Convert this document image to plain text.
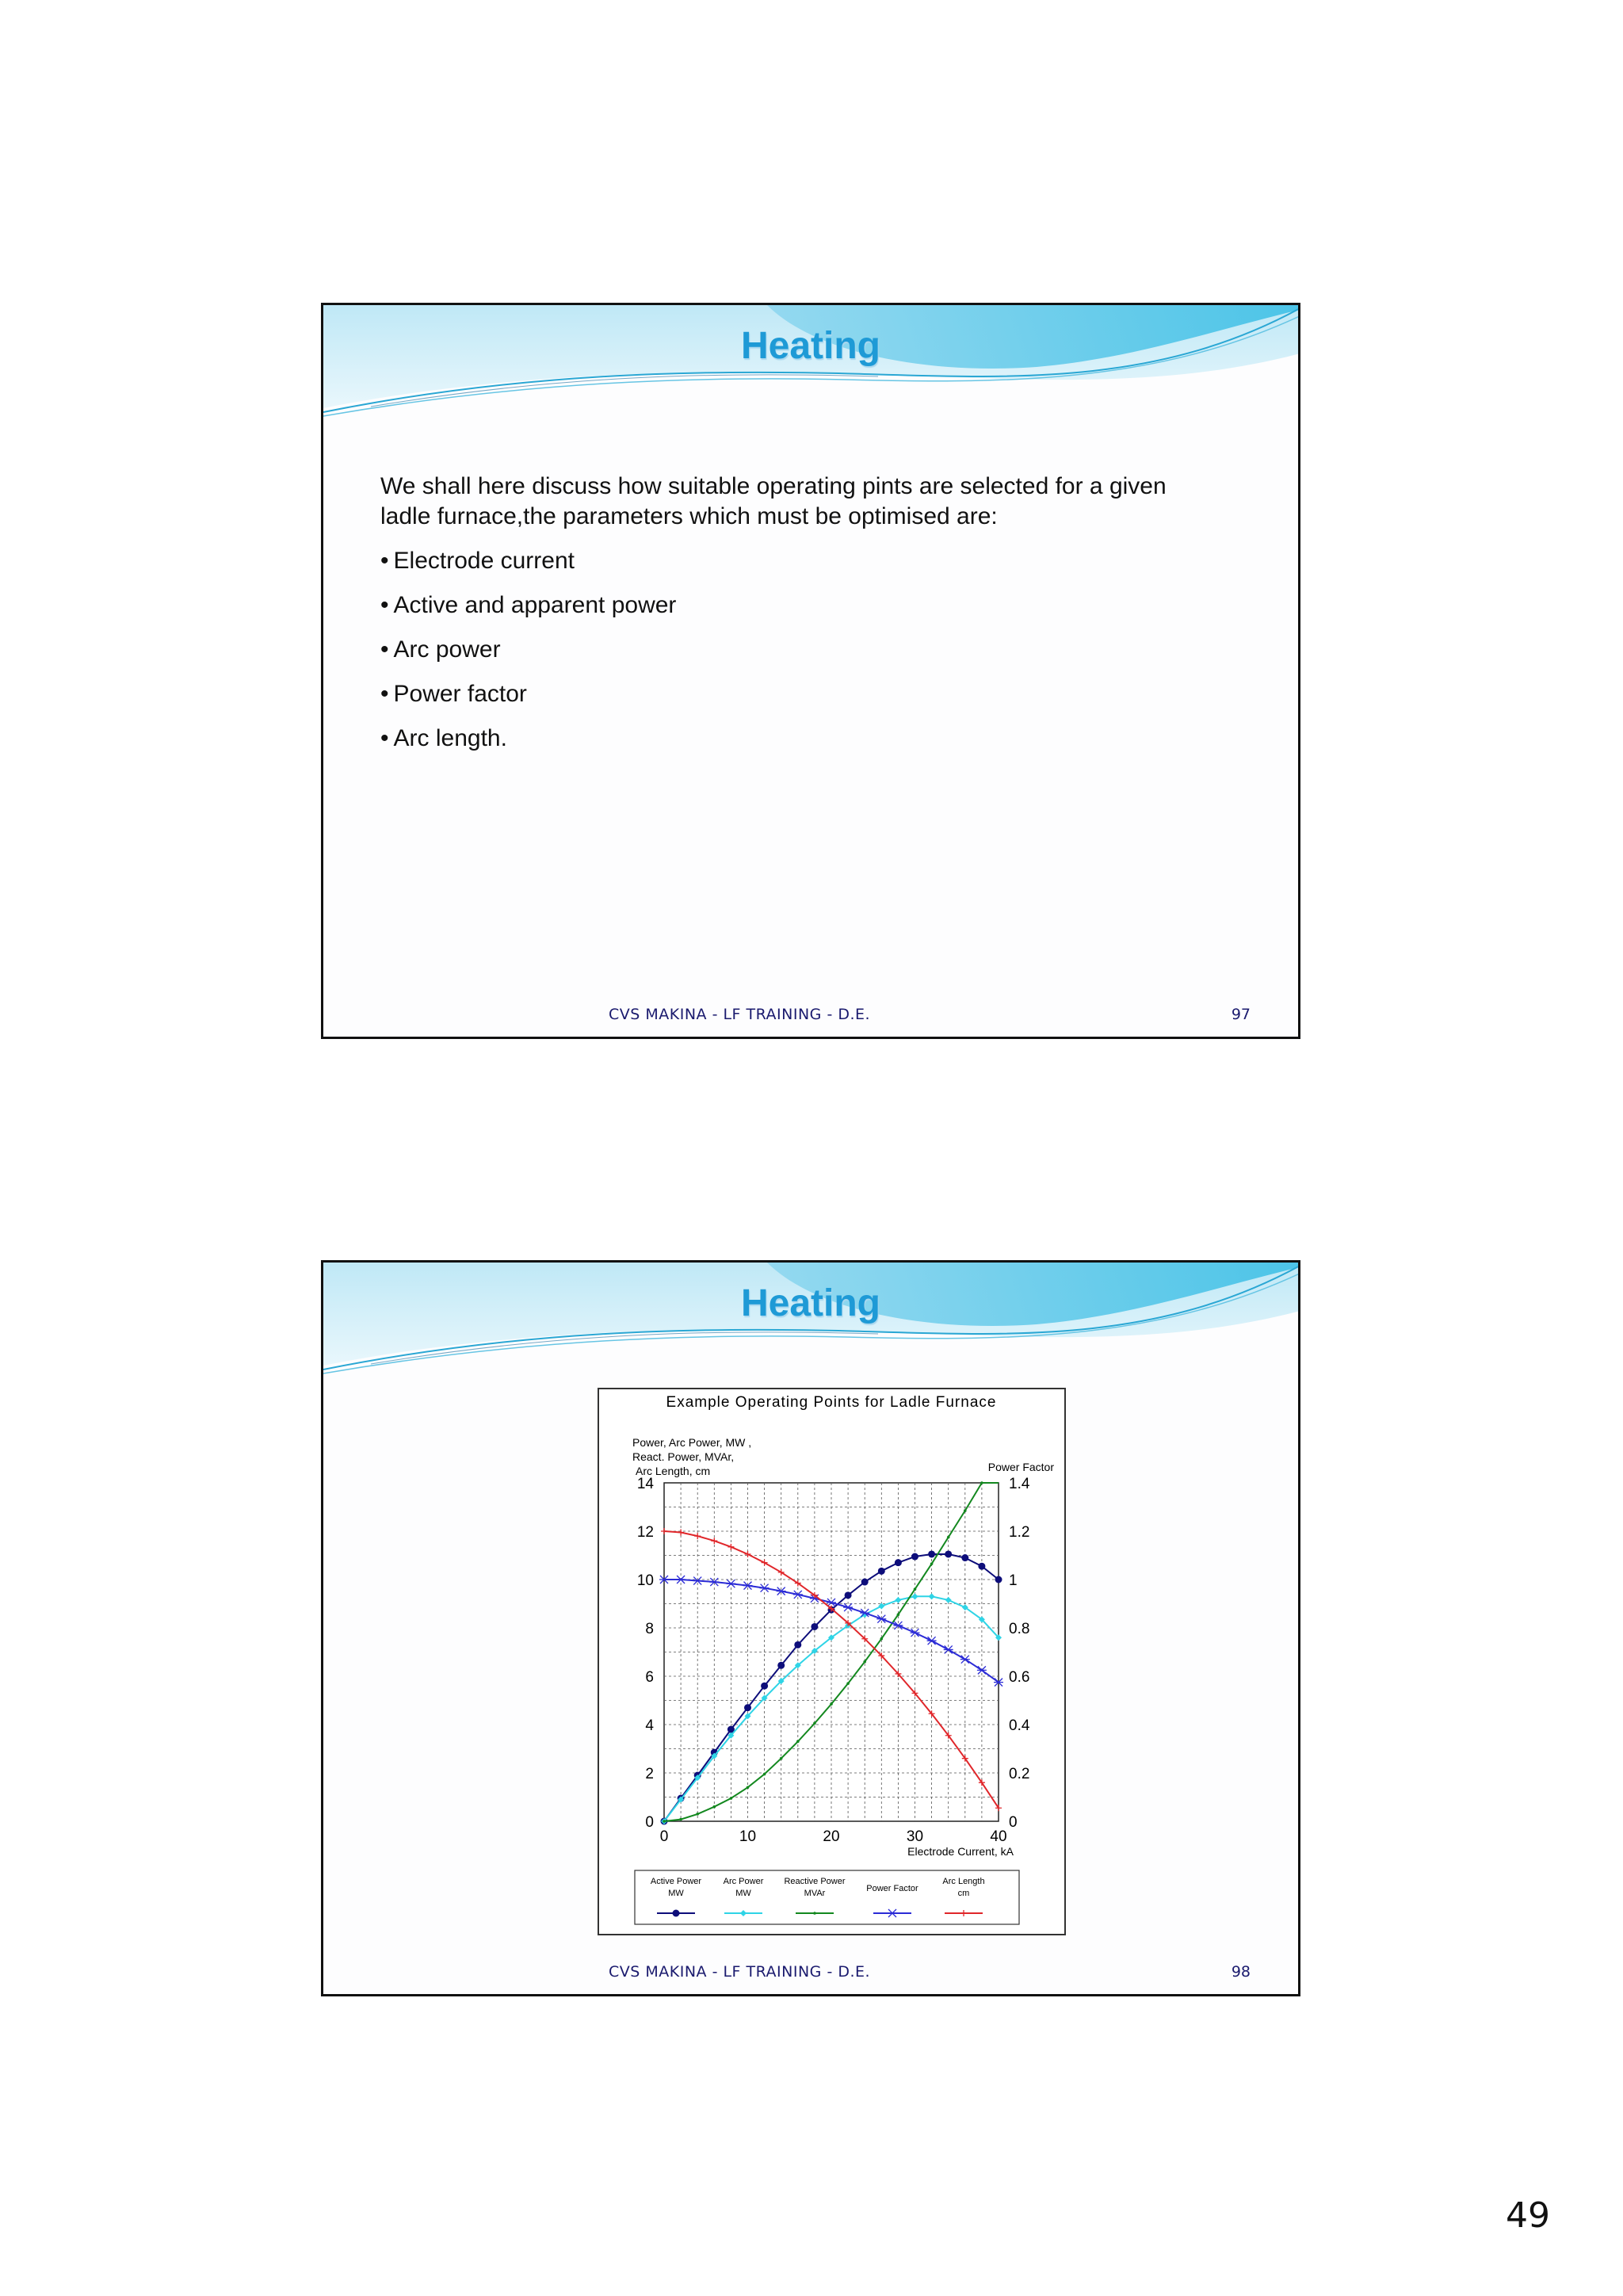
Heating

We shall here discuss how suitable operating pints are selected for a given ladle furnace,the parameters which must be optimised are:

• Electrode current
• Active and apparent power
• Arc power
• Power factor
• Arc length.
CVS MAKINA - LF TRAINING - D.E.	97
Heating
Example Operating Points for Ladle Furnace
Power, Arc Power, MW ,
React. Power, MVAr,
Arc Length, cm	Power Factor
Electrode Current, kA
0	10	20	30	40
0
2
4
6
8
10
12
14
0
0.2
0.4
0.6
0.8
1
1.2
1.4
Active Power
MW
Arc Power
MW
Reactive Power
MVAr	Power Factor
Arc Length
cm
CVS MAKINA - LF TRAINING - D.E.	98
49
